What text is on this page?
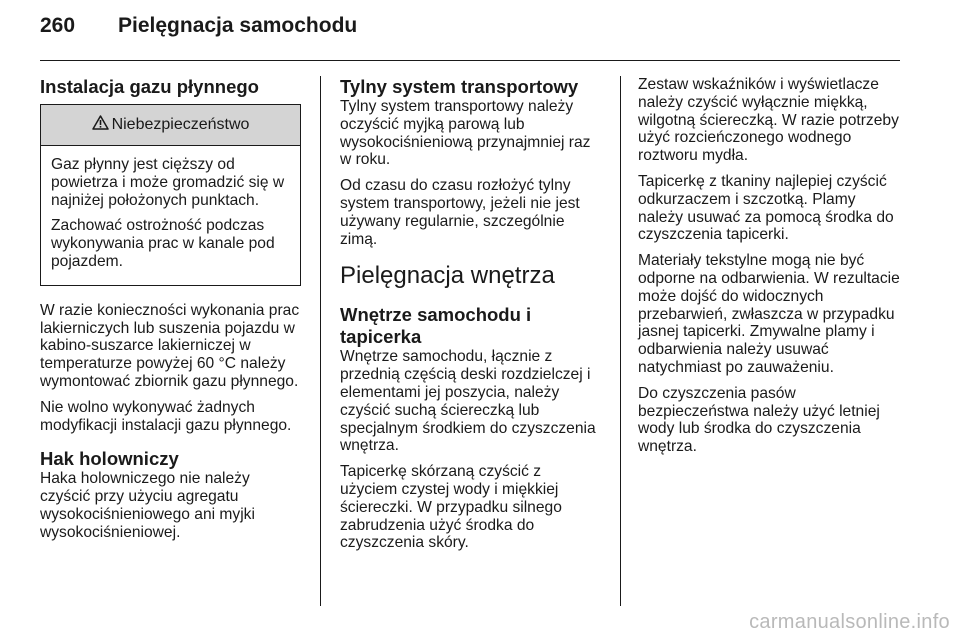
260 Pielęgnacja samochodu
Instalacja gazu płynnego
Niebezpieczeństwo

Gaz płynny jest cięższy od powietrza i może gromadzić się w najniżej położonych punktach.

Zachować ostrożność podczas wykonywania prac w kanale pod pojazdem.

W razie konieczności wykonania prac lakierniczych lub suszenia pojazdu w kabino-suszarce lakierniczej w temperaturze powyżej 60 °C należy wymontować zbiornik gazu płynnego.

Nie wolno wykonywać żadnych modyfikacji instalacji gazu płynnego.

Hak holowniczy

Haka holowniczego nie należy czyścić przy użyciu agregatu wysokociśnieniowego ani myjki wysokociśnieniowej.

Tylny system transportowy

Tylny system transportowy należy oczyścić myjką parową lub wysokociśnieniową przynajmniej raz w roku.

Od czasu do czasu rozłożyć tylny system transportowy, jeżeli nie jest używany regularnie, szczególnie zimą.

Pielęgnacja wnętrza
Wnętrze samochodu i tapicerka

Wnętrze samochodu, łącznie z przednią częścią deski rozdzielczej i elementami jej poszycia, należy czyścić suchą ściereczką lub specjalnym środkiem do czyszczenia wnętrza.

Tapicerkę skórzaną czyścić z użyciem czystej wody i miękkiej ściereczki. W przypadku silnego zabrudzenia użyć środka do czyszczenia skóry.

Zestaw wskaźników i wyświetlacze należy czyścić wyłącznie miękką, wilgotną ściereczką. W razie potrzeby użyć rozcieńczonego wodnego roztworu mydła.

Tapicerkę z tkaniny najlepiej czyścić odkurzaczem i szczotką. Plamy należy usuwać za pomocą środka do czyszczenia tapicerki.

Materiały tekstylne mogą nie być odporne na odbarwienia. W rezultacie może dojść do widocznych przebarwień, zwłaszcza w przypadku jasnej tapicerki. Zmywalne plamy i odbarwienia należy usuwać natychmiast po zauważeniu.

Do czyszczenia pasów bezpieczeństwa należy użyć letniej wody lub środka do czyszczenia wnętrza.

carmanualsonline.info
